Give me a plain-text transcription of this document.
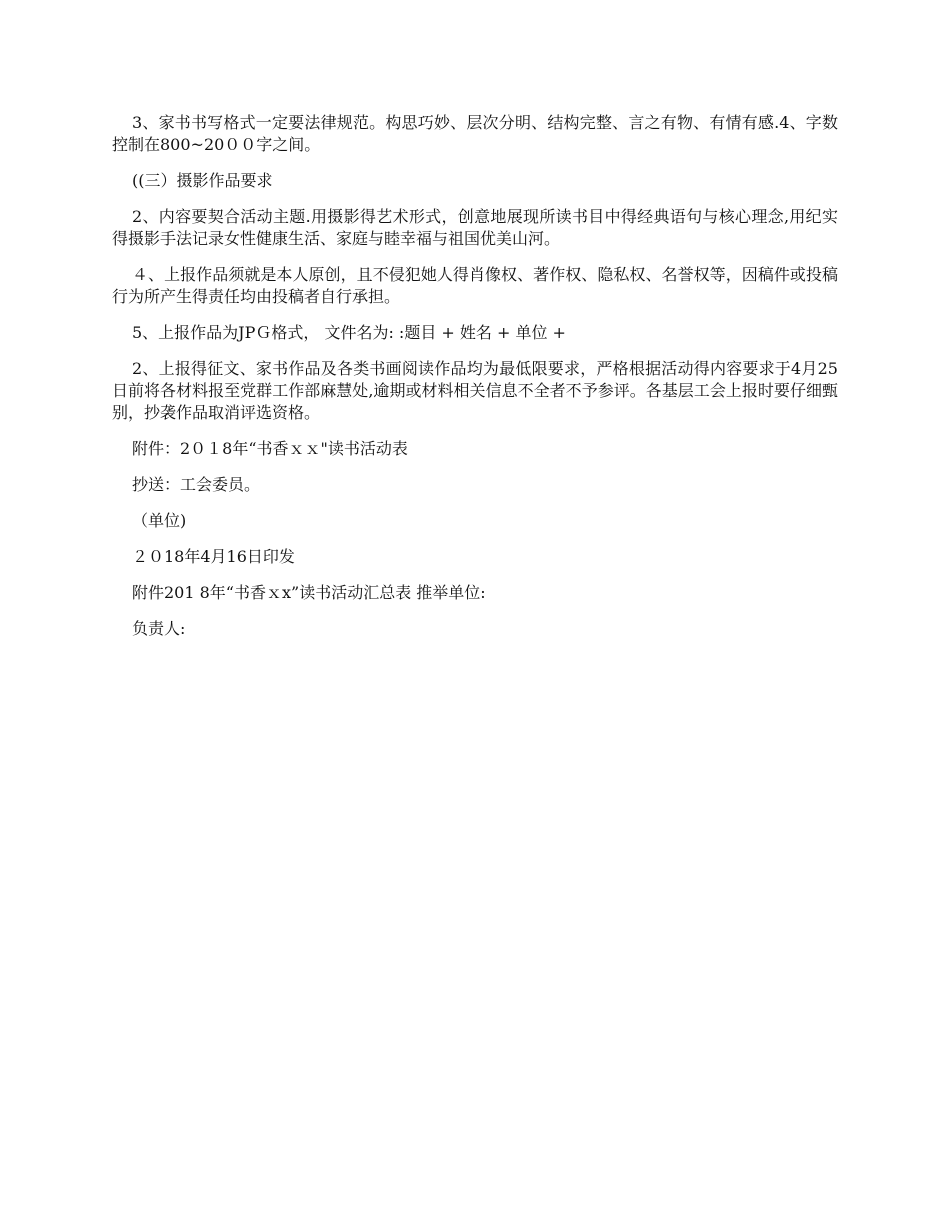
3、家书书写格式一定要法律规范。构思巧妙、层次分明、结构完整、言之有物、有情有感.4、字数控制在800~20００字之间。

((三）摄影作品要求

2、内容要契合活动主题.用摄影得艺术形式，创意地展现所读书目中得经典语句与核心理念,用纪实得摄影手法记录女性健康生活、家庭与睦幸福与祖国优美山河。

４、上报作品须就是本人原创，且不侵犯她人得肖像权、著作权、隐私权、名誉权等，因稿件或投稿行为所产生得责任均由投稿者自行承担。

5、上报作品为JPＧ格式， 文件名为: :题目 + 姓名 + 单位 +

2、上报得征文、家书作品及各类书画阅读作品均为最低限要求，严格根据活动得内容要求于4月25日前将各材料报至党群工作部麻慧处,逾期或材料相关信息不全者不予参评。各基层工会上报时要仔细甄别，抄袭作品取消评选资格。

附件：2０１8年“书香ｘｘ"读书活动表

抄送：工会委员。

（单位)

２０18年4月16日印发

附件201 8年“书香ｘx”读书活动汇总表 推举单位:

负责人:
